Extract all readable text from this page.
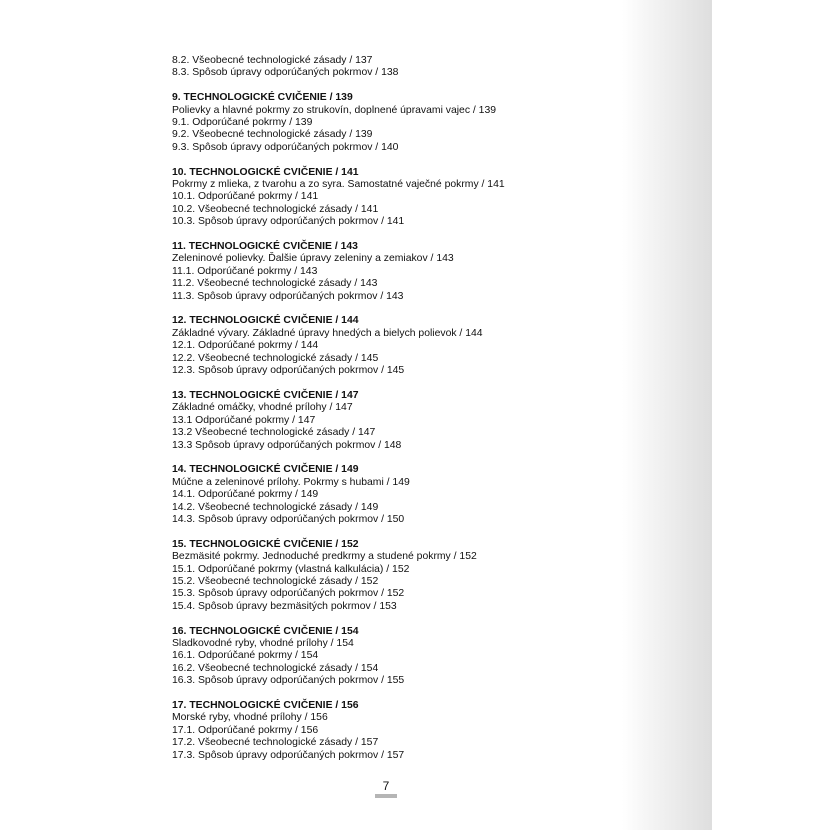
8.2. Všeobecné technologické zásady / 137
8.3. Spôsob úpravy odporúčaných pokrmov / 138
9. TECHNOLOGICKÉ CVIČENIE / 139
Polievky a hlavné pokrmy zo strukovín, doplnené úpravami vajec / 139
9.1. Odporúčané pokrmy / 139
9.2. Všeobecné technologické zásady / 139
9.3. Spôsob úpravy odporúčaných pokrmov / 140
10. TECHNOLOGICKÉ CVIČENIE / 141
Pokrmy z mlieka, z tvarohu a zo syra. Samostatné vaječné pokrmy / 141
10.1. Odporúčané pokrmy / 141
10.2. Všeobecné technologické zásady / 141
10.3. Spôsob úpravy odporúčaných pokrmov / 141
11. TECHNOLOGICKÉ CVIČENIE / 143
Zeleninové polievky. Ďalšie úpravy zeleniny a zemiakov / 143
11.1. Odporúčané pokrmy / 143
11.2. Všeobecné technologické zásady / 143
11.3. Spôsob úpravy odporúčaných pokrmov / 143
12. TECHNOLOGICKÉ CVIČENIE / 144
Základné vývary. Základné úpravy hnedých a bielych polievok / 144
12.1. Odporúčané pokrmy / 144
12.2. Všeobecné technologické zásady / 145
12.3. Spôsob úpravy odporúčaných pokrmov / 145
13. TECHNOLOGICKÉ CVIČENIE / 147
Základné omáčky, vhodné prílohy / 147
13.1 Odporúčané pokrmy / 147
13.2 Všeobecné technologické zásady / 147
13.3 Spôsob úpravy odporúčaných pokrmov / 148
14. TECHNOLOGICKÉ CVIČENIE / 149
Múčne a zeleninové prílohy. Pokrmy s hubami / 149
14.1. Odporúčané pokrmy / 149
14.2. Všeobecné technologické zásady / 149
14.3. Spôsob úpravy odporúčaných pokrmov / 150
15. TECHNOLOGICKÉ CVIČENIE / 152
Bezmäsité pokrmy. Jednoduché predkrmy a studené pokrmy / 152
15.1. Odporúčané pokrmy (vlastná kalkulácia) / 152
15.2. Všeobecné technologické zásady / 152
15.3. Spôsob úpravy odporúčaných pokrmov / 152
15.4. Spôsob úpravy bezmäsitých pokrmov / 153
16. TECHNOLOGICKÉ CVIČENIE / 154
Sladkovodné ryby, vhodné prílohy / 154
16.1. Odporúčané pokrmy / 154
16.2. Všeobecné technologické zásady / 154
16.3. Spôsob úpravy odporúčaných pokrmov / 155
17. TECHNOLOGICKÉ CVIČENIE / 156
Morské ryby, vhodné prílohy / 156
17.1. Odporúčané pokrmy / 156
17.2. Všeobecné technologické zásady / 157
17.3. Spôsob úpravy odporúčaných pokrmov / 157
7
